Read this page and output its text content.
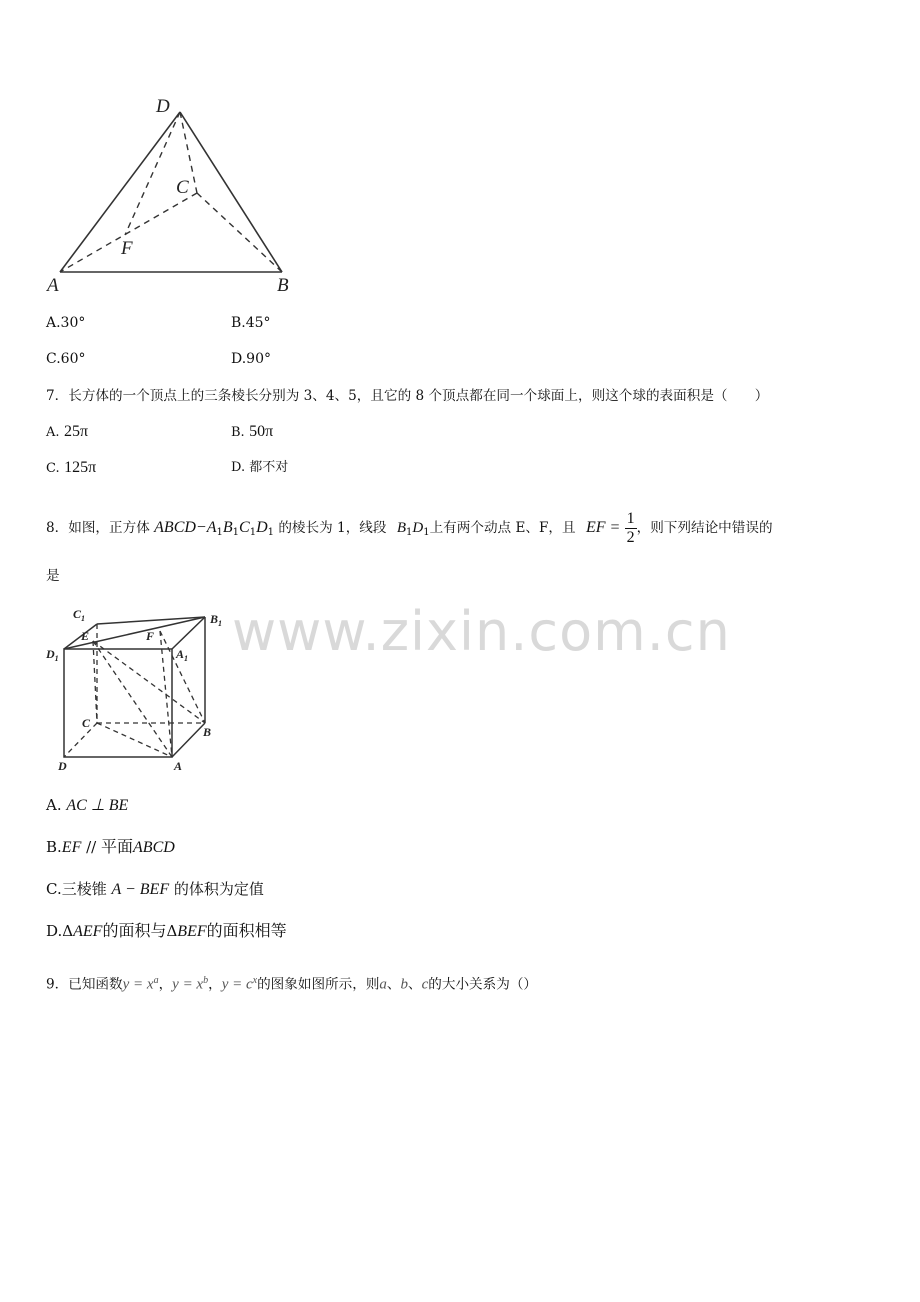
D
C
F
A	B
A.30°	B.45°
C.60°	D.90°
7．长方体的一个顶点上的三条棱长分别为 3、4、5，且它的 8 个顶点都在同一个球面上，则这个球的表面积是（　　）
A. 25π	B. 50π
C. 125π	D. 都不对
8．如图，正方体 $ABCD-A_1B_1C_1D_1$ 的棱长为 1，线段 $B_1D_1$上有两个动点 E、F，且 EF = $\frac{1}{2}$ ，则下列结论中错误的
是
$C_1$	$B_1$
E	F
$D_1$	$A_1$
C
B
D	A
www.zixin.com.cn
A. AC ⊥ BE
B.EF // 平面ABCD
C.三棱锥 A − BEF 的体积为定值
D.ΔAEF的面积与ΔBEF的面积相等
9．已知函数$y = x^a$，$y = x^b$，$y = c^x$的图象如图所示，则a、b、c的大小关系为（）
